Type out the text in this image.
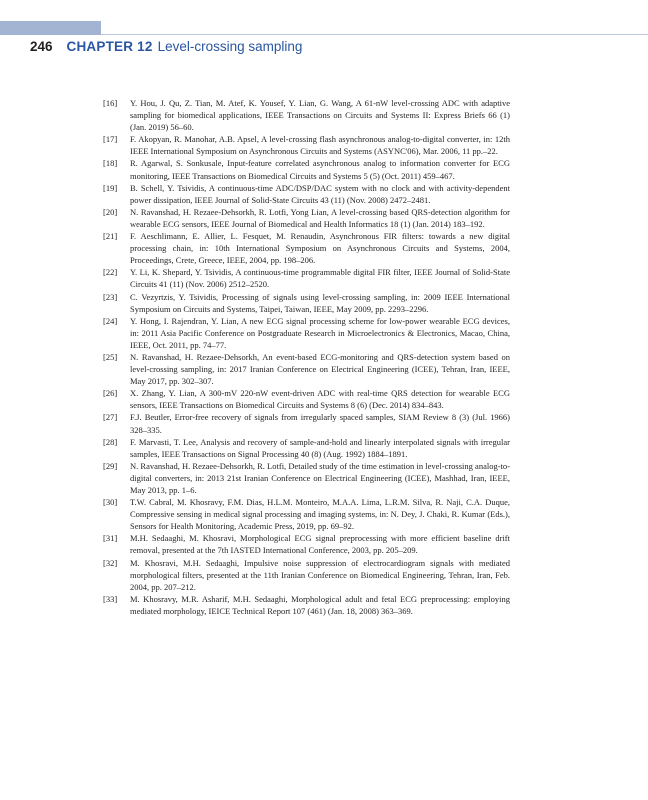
246 CHAPTER 12 Level-crossing sampling
[16] Y. Hou, J. Qu, Z. Tian, M. Atef, K. Yousef, Y. Lian, G. Wang, A 61-nW level-crossing ADC with adaptive sampling for biomedical applications, IEEE Transactions on Circuits and Systems II: Express Briefs 66 (1) (Jan. 2019) 56–60.
[17] F. Akopyan, R. Manohar, A.B. Apsel, A level-crossing flash asynchronous analog-to-digital converter, in: 12th IEEE International Symposium on Asynchronous Circuits and Systems (ASYNC'06), Mar. 2006, 11 pp.–22.
[18] R. Agarwal, S. Sonkusale, Input-feature correlated asynchronous analog to information converter for ECG monitoring, IEEE Transactions on Biomedical Circuits and Systems 5 (5) (Oct. 2011) 459–467.
[19] B. Schell, Y. Tsividis, A continuous-time ADC/DSP/DAC system with no clock and with activity-dependent power dissipation, IEEE Journal of Solid-State Circuits 43 (11) (Nov. 2008) 2472–2481.
[20] N. Ravanshad, H. Rezaee-Dehsorkh, R. Lotfi, Yong Lian, A level-crossing based QRS-detection algorithm for wearable ECG sensors, IEEE Journal of Biomedical and Health Informatics 18 (1) (Jan. 2014) 183–192.
[21] F. Aeschlimann, E. Allier, L. Fesquet, M. Renaudin, Asynchronous FIR filters: towards a new digital processing chain, in: 10th International Symposium on Asynchronous Circuits and Systems, 2004, Proceedings, Crete, Greece, IEEE, 2004, pp. 198–206.
[22] Y. Li, K. Shepard, Y. Tsividis, A continuous-time programmable digital FIR filter, IEEE Journal of Solid-State Circuits 41 (11) (Nov. 2006) 2512–2520.
[23] C. Vezyrtzis, Y. Tsividis, Processing of signals using level-crossing sampling, in: 2009 IEEE International Symposium on Circuits and Systems, Taipei, Taiwan, IEEE, May 2009, pp. 2293–2296.
[24] Y. Hong, I. Rajendran, Y. Lian, A new ECG signal processing scheme for low-power wearable ECG devices, in: 2011 Asia Pacific Conference on Postgraduate Research in Microelectronics & Electronics, Macao, China, IEEE, Oct. 2011, pp. 74–77.
[25] N. Ravanshad, H. Rezaee-Dehsorkh, An event-based ECG-monitoring and QRS-detection system based on level-crossing sampling, in: 2017 Iranian Conference on Electrical Engineering (ICEE), Tehran, Iran, IEEE, May 2017, pp. 302–307.
[26] X. Zhang, Y. Lian, A 300-mV 220-nW event-driven ADC with real-time QRS detection for wearable ECG sensors, IEEE Transactions on Biomedical Circuits and Systems 8 (6) (Dec. 2014) 834–843.
[27] F.J. Beutler, Error-free recovery of signals from irregularly spaced samples, SIAM Review 8 (3) (Jul. 1966) 328–335.
[28] F. Marvasti, T. Lee, Analysis and recovery of sample-and-hold and linearly interpolated signals with irregular samples, IEEE Transactions on Signal Processing 40 (8) (Aug. 1992) 1884–1891.
[29] N. Ravanshad, H. Rezaee-Dehsorkh, R. Lotfi, Detailed study of the time estimation in level-crossing analog-to-digital converters, in: 2013 21st Iranian Conference on Electrical Engineering (ICEE), Mashhad, Iran, IEEE, May 2013, pp. 1–6.
[30] T.W. Cabral, M. Khosravy, F.M. Dias, H.L.M. Monteiro, M.A.A. Lima, L.R.M. Silva, R. Naji, C.A. Duque, Compressive sensing in medical signal processing and imaging systems, in: N. Dey, J. Chaki, R. Kumar (Eds.), Sensors for Health Monitoring, Academic Press, 2019, pp. 69–92.
[31] M.H. Sedaaghi, M. Khosravi, Morphological ECG signal preprocessing with more efficient baseline drift removal, presented at the 7th IASTED International Conference, 2003, pp. 205–209.
[32] M. Khosravi, M.H. Sedaaghi, Impulsive noise suppression of electrocardiogram signals with mediated morphological filters, presented at the 11th Iranian Conference on Biomedical Engineering, Tehran, Iran, Feb. 2004, pp. 207–212.
[33] M. Khosravy, M.R. Asharif, M.H. Sedaaghi, Morphological adult and fetal ECG preprocessing: employing mediated morphology, IEICE Technical Report 107 (461) (Jan. 18, 2008) 363–369.
